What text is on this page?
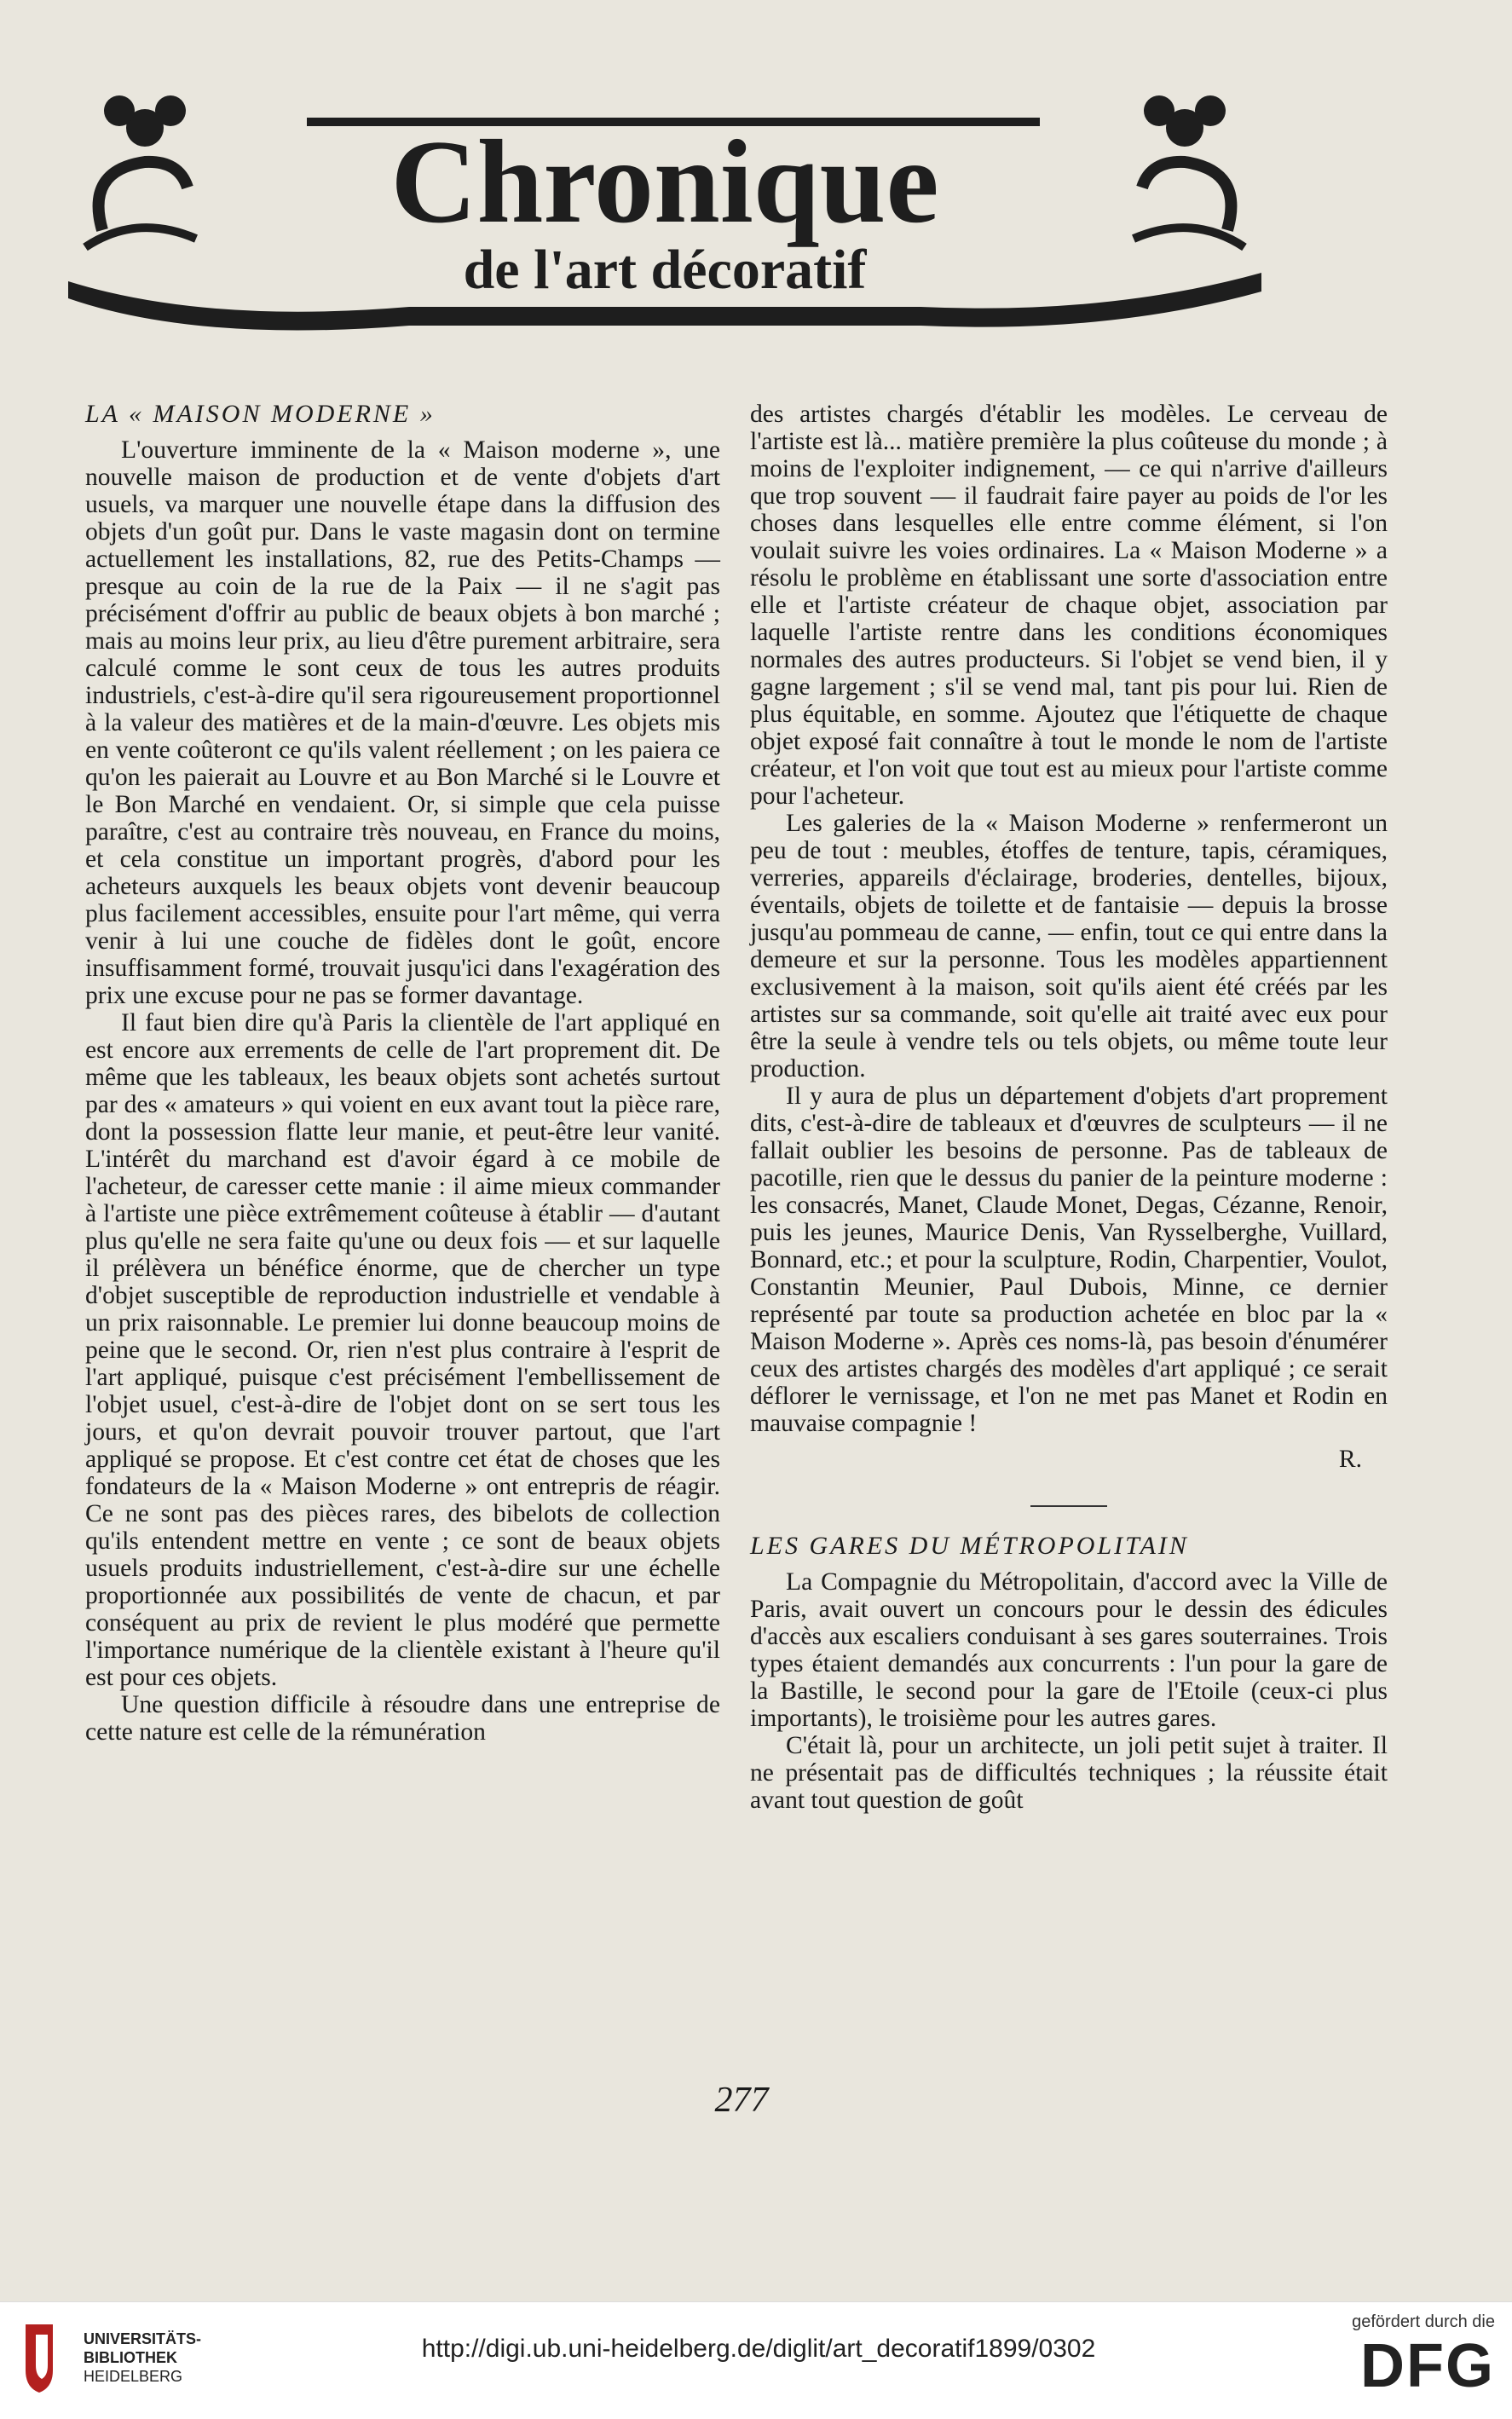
Chronique
de l'art décoratif
LA « MAISON MODERNE »

L'ouverture imminente de la « Maison moderne », une nouvelle maison de production et de vente d'objets d'art usuels, va marquer une nouvelle étape dans la diffusion des objets d'un goût pur. Dans le vaste magasin dont on termine actuellement les installations, 82, rue des Petits-Champs — presque au coin de la rue de la Paix — il ne s'agit pas précisément d'offrir au public de beaux objets à bon marché ; mais au moins leur prix, au lieu d'être purement arbitraire, sera calculé comme le sont ceux de tous les autres produits industriels, c'est-à-dire qu'il sera rigoureusement proportionnel à la valeur des matières et de la main-d'œuvre. Les objets mis en vente coûteront ce qu'ils valent réellement ; on les paiera ce qu'on les paierait au Louvre et au Bon Marché si le Louvre et le Bon Marché en vendaient. Or, si simple que cela puisse paraître, c'est au contraire très nouveau, en France du moins, et cela constitue un important progrès, d'abord pour les acheteurs auxquels les beaux objets vont devenir beaucoup plus facilement accessibles, ensuite pour l'art même, qui verra venir à lui une couche de fidèles dont le goût, encore insuffisamment formé, trouvait jusqu'ici dans l'exagération des prix une excuse pour ne pas se former davantage.

Il faut bien dire qu'à Paris la clientèle de l'art appliqué en est encore aux errements de celle de l'art proprement dit. De même que les tableaux, les beaux objets sont achetés surtout par des « amateurs » qui voient en eux avant tout la pièce rare, dont la possession flatte leur manie, et peut-être leur vanité. L'intérêt du marchand est d'avoir égard à ce mobile de l'acheteur, de caresser cette manie : il aime mieux commander à l'artiste une pièce extrêmement coûteuse à établir — d'autant plus qu'elle ne sera faite qu'une ou deux fois — et sur laquelle il prélèvera un bénéfice énorme, que de chercher un type d'objet susceptible de reproduction industrielle et vendable à un prix raisonnable. Le premier lui donne beaucoup moins de peine que le second. Or, rien n'est plus contraire à l'esprit de l'art appliqué, puisque c'est précisément l'embellissement de l'objet usuel, c'est-à-dire de l'objet dont on se sert tous les jours, et qu'on devrait pouvoir trouver partout, que l'art appliqué se propose. Et c'est contre cet état de choses que les fondateurs de la « Maison Moderne » ont entrepris de réagir. Ce ne sont pas des pièces rares, des bibelots de collection qu'ils entendent mettre en vente ; ce sont de beaux objets usuels produits industriellement, c'est-à-dire sur une échelle proportionnée aux possibilités de vente de chacun, et par conséquent au prix de revient le plus modéré que permette l'importance numérique de la clientèle existant à l'heure qu'il est pour ces objets.

Une question difficile à résoudre dans une entreprise de cette nature est celle de la rémunération

des artistes chargés d'établir les modèles. Le cerveau de l'artiste est là... matière première la plus coûteuse du monde ; à moins de l'exploiter indignement, — ce qui n'arrive d'ailleurs que trop souvent — il faudrait faire payer au poids de l'or les choses dans lesquelles elle entre comme élément, si l'on voulait suivre les voies ordinaires. La « Maison Moderne » a résolu le problème en établissant une sorte d'association entre elle et l'artiste créateur de chaque objet, association par laquelle l'artiste rentre dans les conditions économiques normales des autres producteurs. Si l'objet se vend bien, il y gagne largement ; s'il se vend mal, tant pis pour lui. Rien de plus équitable, en somme. Ajoutez que l'étiquette de chaque objet exposé fait connaître à tout le monde le nom de l'artiste créateur, et l'on voit que tout est au mieux pour l'artiste comme pour l'acheteur.

Les galeries de la « Maison Moderne » renfermeront un peu de tout : meubles, étoffes de tenture, tapis, céramiques, verreries, appareils d'éclairage, broderies, dentelles, bijoux, éventails, objets de toilette et de fantaisie — depuis la brosse jusqu'au pommeau de canne, — enfin, tout ce qui entre dans la demeure et sur la personne. Tous les modèles appartiennent exclusivement à la maison, soit qu'ils aient été créés par les artistes sur sa commande, soit qu'elle ait traité avec eux pour être la seule à vendre tels ou tels objets, ou même toute leur production.

Il y aura de plus un département d'objets d'art proprement dits, c'est-à-dire de tableaux et d'œuvres de sculpteurs — il ne fallait oublier les besoins de personne. Pas de tableaux de pacotille, rien que le dessus du panier de la peinture moderne : les consacrés, Manet, Claude Monet, Degas, Cézanne, Renoir, puis les jeunes, Maurice Denis, Van Rysselberghe, Vuillard, Bonnard, etc.; et pour la sculpture, Rodin, Charpentier, Voulot, Constantin Meunier, Paul Dubois, Minne, ce dernier représenté par toute sa production achetée en bloc par la « Maison Moderne ». Après ces noms-là, pas besoin d'énumérer ceux des artistes chargés des modèles d'art appliqué ; ce serait déflorer le vernissage, et l'on ne met pas Manet et Rodin en mauvaise compagnie !

R.

LES GARES DU MÉTROPOLITAIN

La Compagnie du Métropolitain, d'accord avec la Ville de Paris, avait ouvert un concours pour le dessin des édicules d'accès aux escaliers conduisant à ses gares souterraines. Trois types étaient demandés aux concurrents : l'un pour la gare de la Bastille, le second pour la gare de l'Etoile (ceux-ci plus importants), le troisième pour les autres gares.

C'était là, pour un architecte, un joli petit sujet à traiter. Il ne présentait pas de difficultés techniques ; la réussite était avant tout question de goût

277
UNIVERSITÄTS-
BIBLIOTHEK
HEIDELBERG
http://digi.ub.uni-heidelberg.de/diglit/art_decoratif1899/0302
gefördert durch die
DFG
